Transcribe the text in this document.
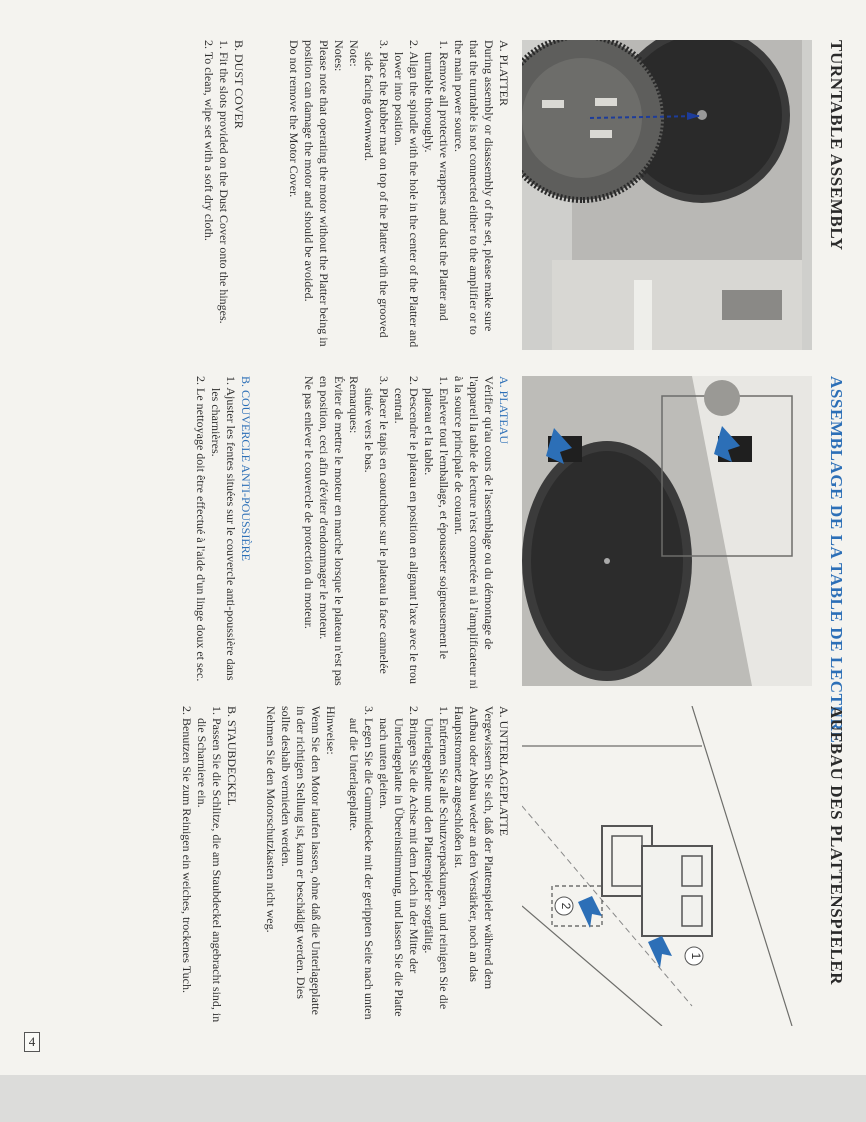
TURNTABLE ASSEMBLY

A. PLATTER

During assembly or disassembly of the set, please make sure that the turntable is not connected either to the amplifier or to the main power source.

1. Remove all protective wrappers and dust the Platter and turntable thoroughly.

2. Align the spindle with the hole in the center of the Platter and lower into position.

3. Place the Rubber mat on top of the Platter with the grooved side facing downward.

Note:

Notes:

Please note that operating the motor without the Platter being in position can damage the motor and should be avoided.

Do not remove the Motor Cover.

B. DUST COVER

1. Fit the slots provided on the Dust Cover onto the hinges.

2. To clean, wipe set with a soft dry cloth.

ASSEMBLAGE DE LA TABLE DE LECTURE

A. PLATEAU

Vérifier qu'au cours de l'assemblage ou du démontage de l'appareil la table de lecture n'est connectée ni à l'amplificateur ni à la source principale de courant.

1. Enlever tout l'emballage, et épousseter soigneusement le plateau et la table.

2. Descendre le plateau en position en alignant l'axe avec le trou central.

3. Placer le tapis en caoutchouc sur le plateau la face cannelée située vers le bas.

Remarques:

Éviter de mettre le moteur en marche lorsque le plateau n'est pas en position, ceci afin d'éviter d'endommager le moteur.

Ne pas enlever le couvercle de protection du moteur.

B. COUVERCLE ANTI-POUSSIÈRE

1. Ajuster les fentes situées sur le couvercle anti-poussière dans les charnières.

2. Le nettoyage doit être effectué à l'aide d'un linge doux et sec.

AUFBAU DES PLATTENSPIELER
1
2

A. UNTERLAGEPLATTE

Vergewissern Sie sich, daß der Plattenspieler während dem Aufbau oder Abbau weder an den Verstärker, noch an das Hauptstromnetz angeschloßen ist.

1. Entfernen Sie alle Schutzverpackungen, und reinigen Sie die Unterlageplatte und den Plattenspieler sorgfältig.

2. Bringen Sie die Achse mit dem Loch in der Mitte der Unterlageplatte in Übereinstimmung, und lassen Sie die Platte nach unten gleiten.

3. Legen Sie die Gummidecke mit der gerippten Seite nach unten auf die Unterlageplatte.

Hinweise:

Wenn Sie den Motor laufen lassen, ohne daß die Unterlageplatte in der richtigen Stellung ist, kann er beschädigt werden. Dies sollte deshalb vermieden werden.

Nehmen Sie den Motorschutzkasten nicht weg.

B. STAUBDECKEL

1. Passen Sie die Schlitze, die am Staubdeckel angebracht sind, in die Scharniere ein.

2. Benutzen Sie zum Reinigen ein weiches, trockenes Tuch.

4
